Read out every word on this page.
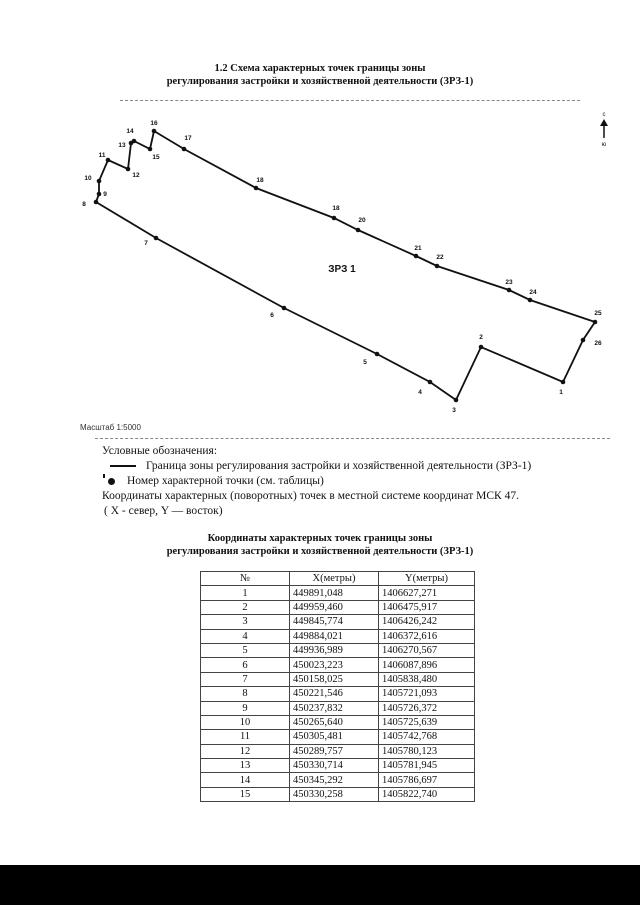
1.2 Схема характерных точек границы зоны
регулирования застройки и хозяйственной деятельности (ЗРЗ-1)
1
2
3
4
5
6
7
8
9
10
11
12
13
14
15
16
17
18
18
20
21
22
23
24
25
26
ЗРЗ 1
с
ю
Масштаб 1:5000
Условные обозначения:
Граница зоны регулирования застройки и хозяйственной деятельности (ЗРЗ-1)
Номер характерной точки (см. таблицы)
Координаты характерных (поворотных) точек в местной системе координат МСК 47.
( X - север, Y — восток)
Координаты характерных точек границы зоны
регулирования застройки и хозяйственной деятельности (ЗРЗ-1)
№	X(метры)	Y(метры)
1	449891,048	1406627,271
2	449959,460	1406475,917
3	449845,774	1406426,242
4	449884,021	1406372,616
5	449936,989	1406270,567
6	450023,223	1406087,896
7	450158,025	1405838,480
8	450221,546	1405721,093
9	450237,832	1405726,372
10	450265,640	1405725,639
11	450305,481	1405742,768
12	450289,757	1405780,123
13	450330,714	1405781,945
14	450345,292	1405786,697
15	450330,258	1405822,740
